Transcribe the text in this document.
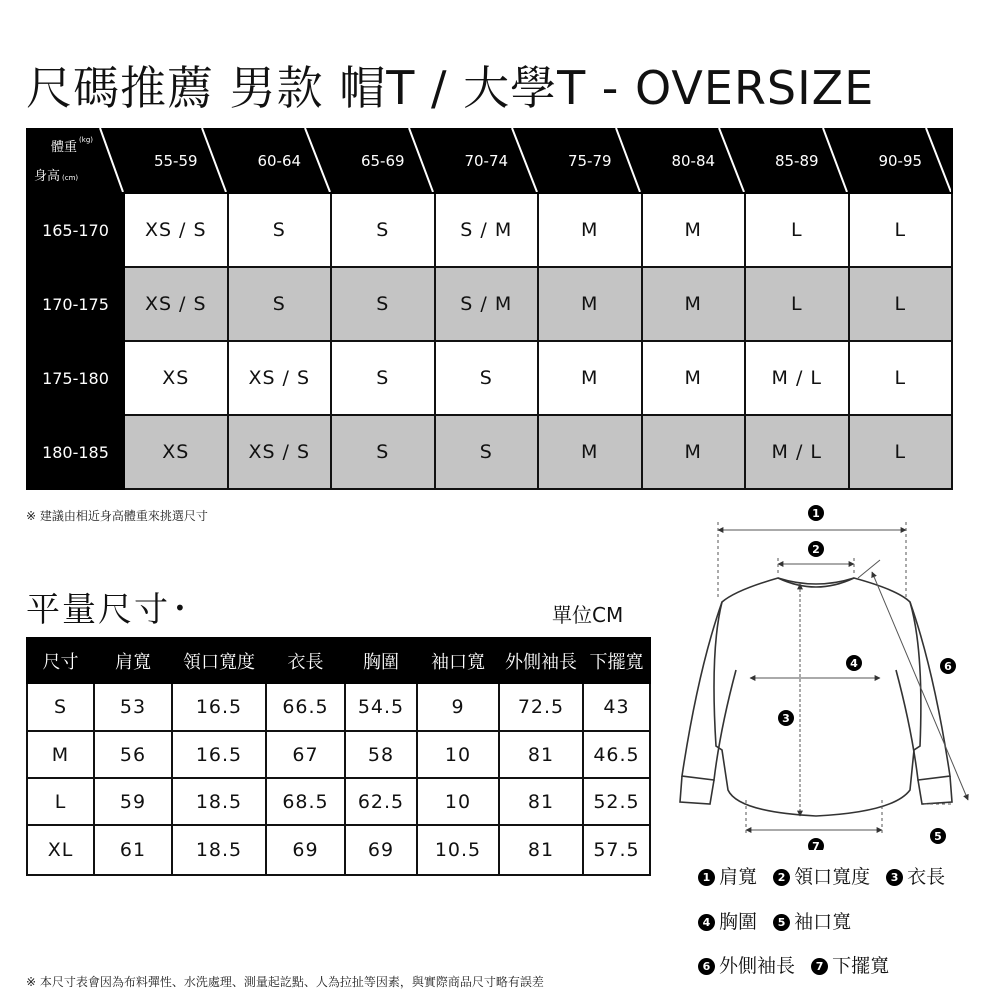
尺碼推薦 男款 帽T / 大學T - OVERSIZE
體重 $^{(kg)}$
身高 (cm)	55-59	60-64	65-69	70-74	75-79	80-84	85-89	90-95
165-170	XS / S	S	S	S / M	M	M	L	L
170-175	XS / S	S	S	S / M	M	M	L	L
175-180	XS	XS / S	S	S	M	M	M / L	L
180-185	XS	XS / S	S	S	M	M	M / L	L
※ 建議由相近身高體重來挑選尺寸
平量尺寸 •	單位CM
尺寸	肩寬	領口寬度	衣長	胸圍	袖口寬	外側袖長	下擺寬
S	53	16.5	66.5	54.5	9	72.5	43
M	56	16.5	67	58	10	81	46.5
L	59	18.5	68.5	62.5	10	81	52.5
XL	61	18.5	69	69	10.5	81	57.5
※ 本尺寸表會因為布料彈性、水洗處理、測量起訖點、人為拉扯等因素，與實際商品尺寸略有誤差
1
2
3
4
5
6
7
1 肩寬 2 領口寬度 3 衣長
4 胸圍 5 袖口寬
6 外側袖長 7 下擺寬
